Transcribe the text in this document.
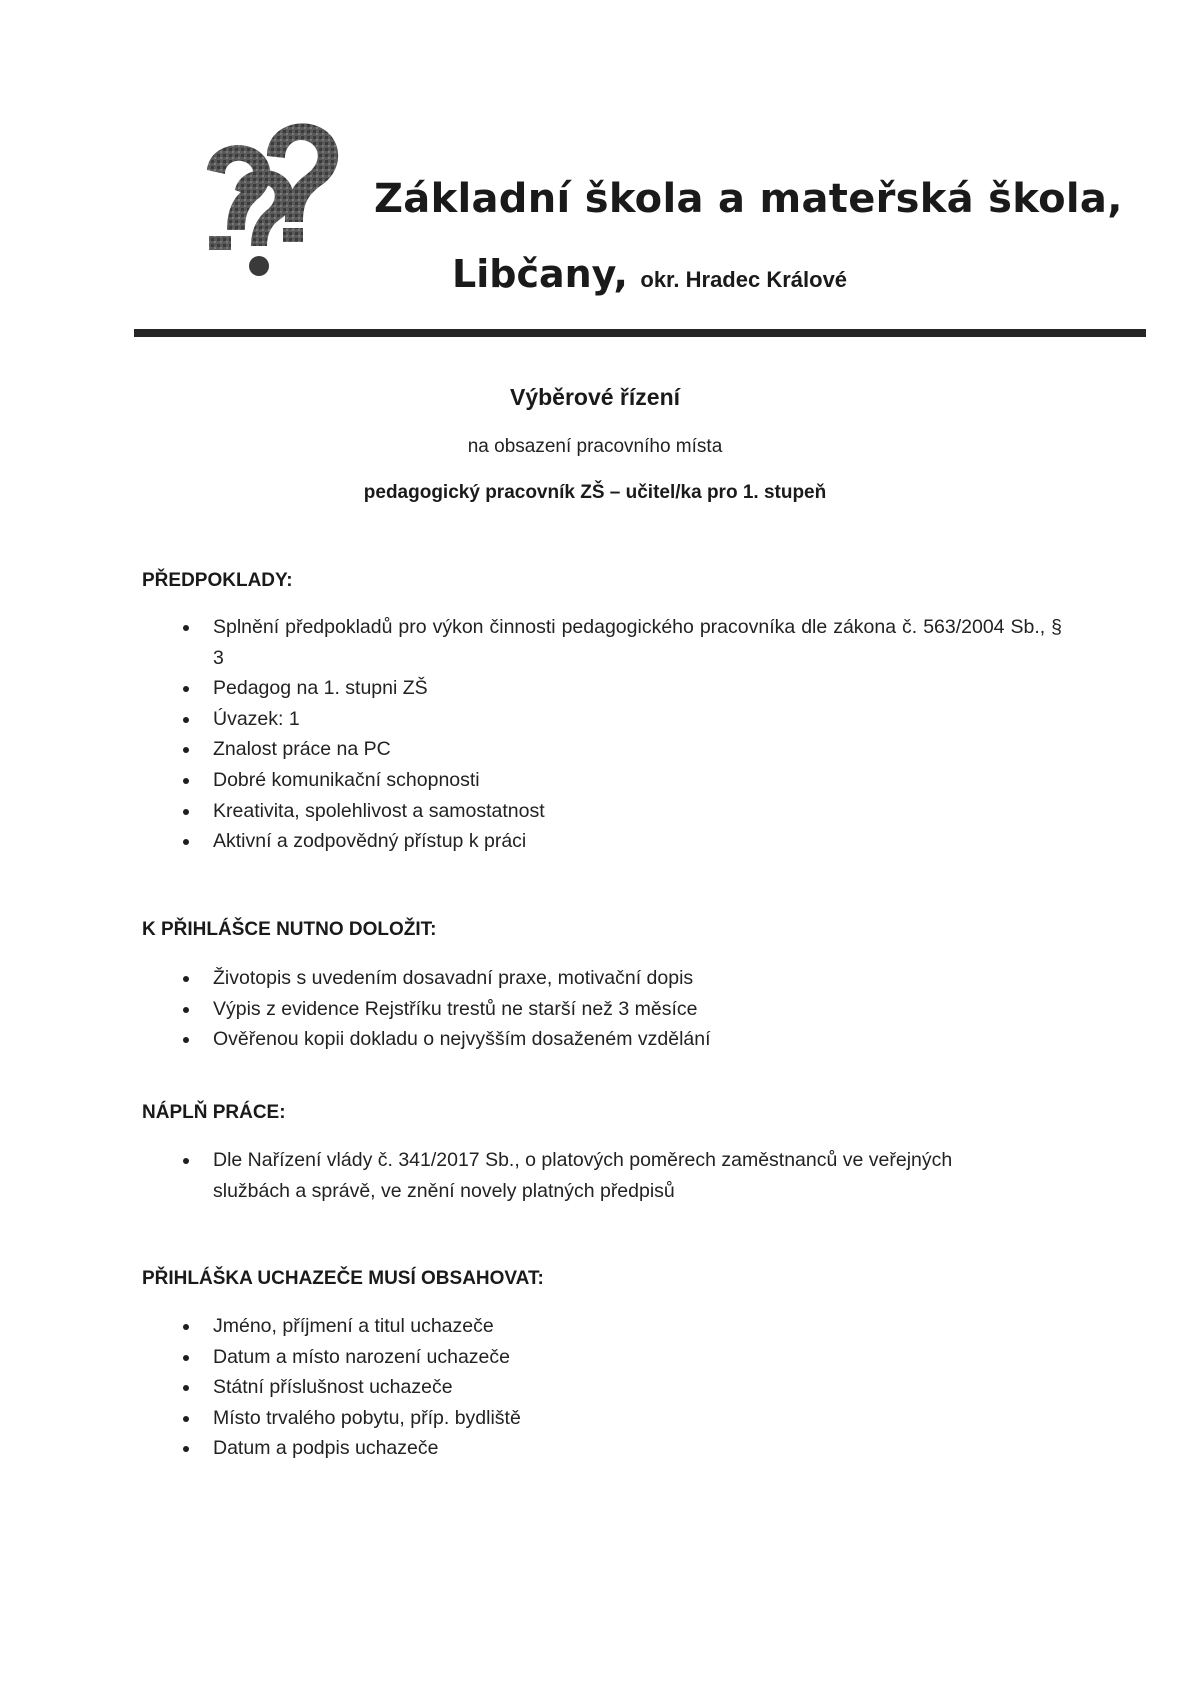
Základní škola a mateřská škola,
Libčany, okr. Hradec Králové
Výběrové řízení
na obsazení pracovního místa
pedagogický pracovník ZŠ – učitel/ka pro 1. stupeň
PŘEDPOKLADY:
Splnění předpokladů pro výkon činnosti pedagogického pracovníka dle zákona č. 563/2004 Sb., § 3
Pedagog na 1. stupni ZŠ
Úvazek: 1
Znalost práce na PC
Dobré komunikační schopnosti
Kreativita, spolehlivost a samostatnost
Aktivní a zodpovědný přístup k práci
K PŘIHLÁŠCE NUTNO DOLOŽIT:
Životopis s uvedením dosavadní praxe, motivační dopis
Výpis z evidence Rejstříku trestů ne starší než 3 měsíce
Ověřenou kopii dokladu o nejvyšším dosaženém vzdělání
NÁPLŇ PRÁCE:
Dle Nařízení vlády č. 341/2017 Sb., o platových poměrech zaměstnanců ve veřejných službách a správě, ve znění novely platných předpisů
PŘIHLÁŠKA UCHAZEČE MUSÍ OBSAHOVAT:
Jméno, příjmení a titul uchazeče
Datum a místo narození uchazeče
Státní příslušnost uchazeče
Místo trvalého pobytu, příp. bydliště
Datum a podpis uchazeče
